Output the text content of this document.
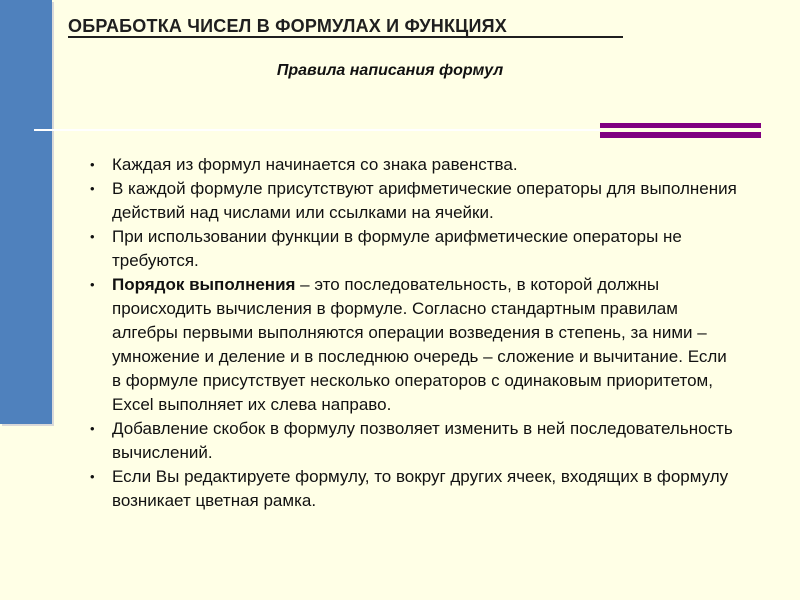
ОБРАБОТКА ЧИСЕЛ В ФОРМУЛАХ И ФУНКЦИЯХ
Правила написания формул
• Каждая из формул начинается со знака равенства.
• В каждой формуле присутствуют арифметические операторы для выполнения действий над числами или ссылками на ячейки.
• При использовании функции в формуле арифметические операторы не требуются.
• Порядок выполнения – это последовательность, в которой должны происходить вычисления в формуле. Согласно стандартным правилам алгебры первыми выполняются операции возведения в степень, за ними – умножение и деление и в последнюю очередь – сложение и вычитание. Если в формуле присутствует несколько операторов с одинаковым приоритетом, Excel выполняет их слева направо.
• Добавление скобок в формулу позволяет изменить в ней последовательность вычислений.
• Если Вы редактируете формулу, то вокруг других ячеек, входящих в формулу возникает цветная рамка.
